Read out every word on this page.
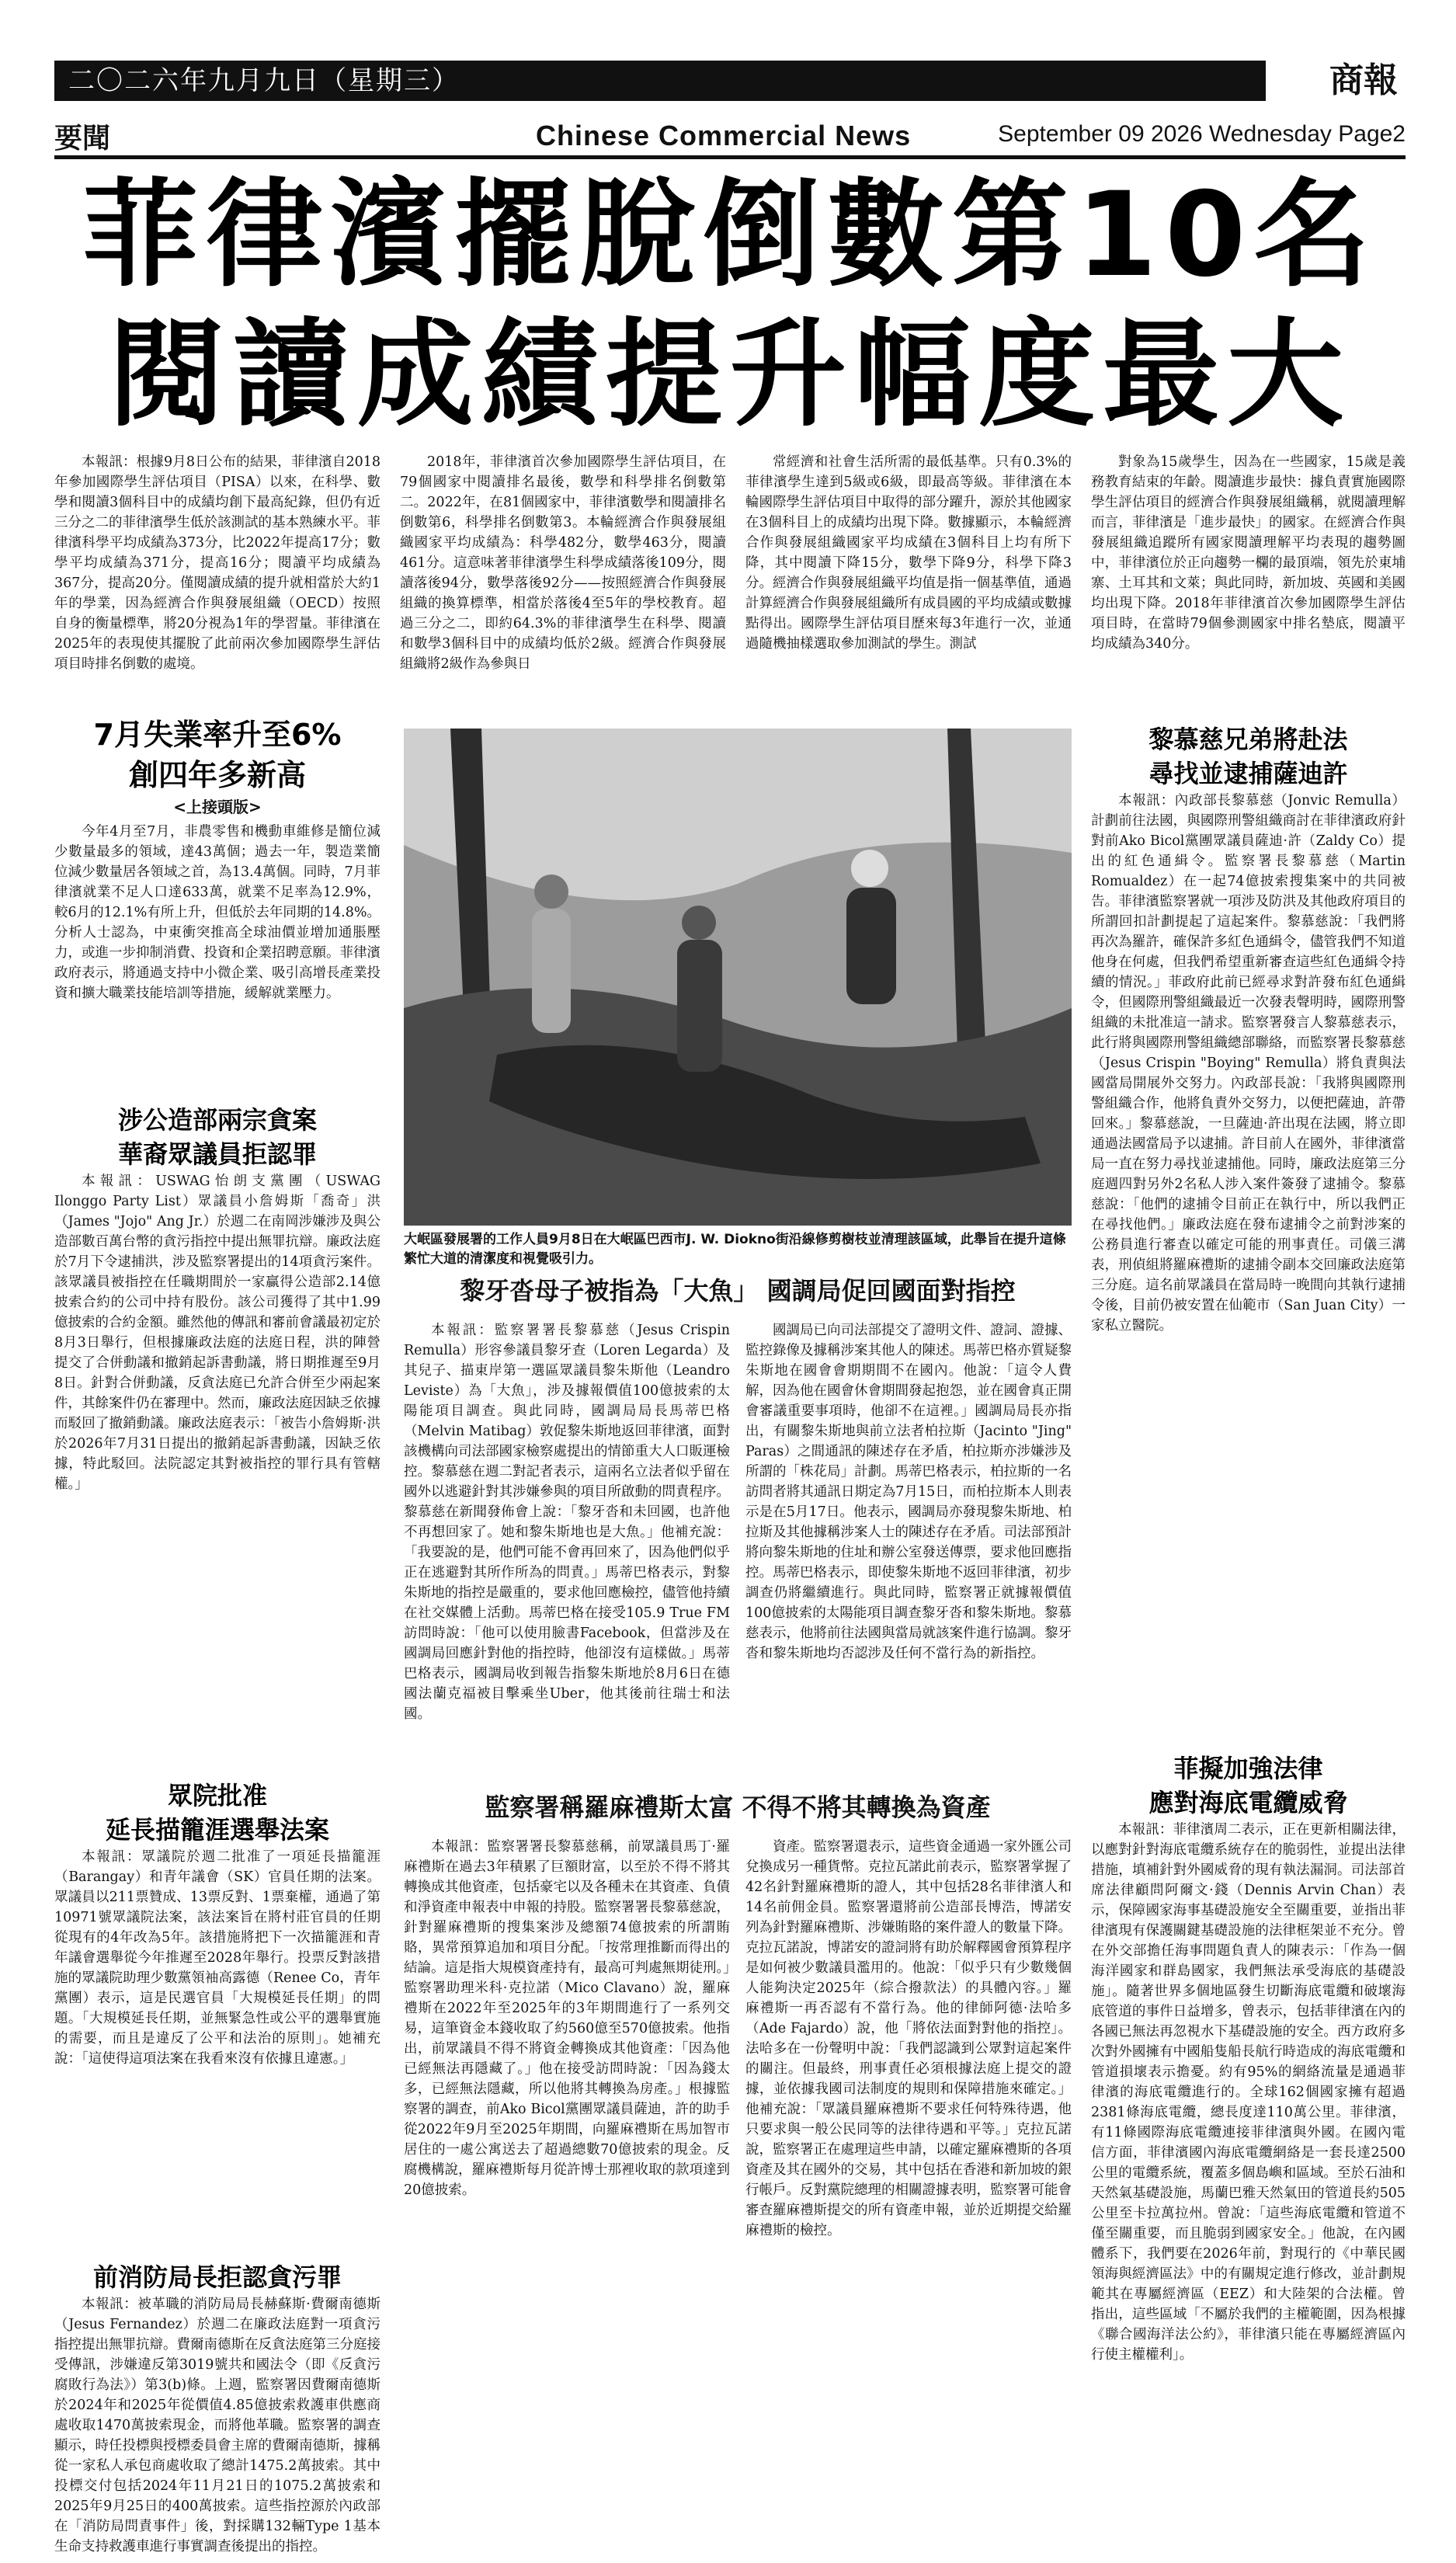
二〇二六年九月九日（星期三）	商報
要聞	Chinese Commercial News	September 09 2026 Wednesday Page2
菲律濱擺脫倒數第10名
閱讀成績提升幅度最大

本報訊：根據9月8日公布的結果，菲律濱自2018年參加國際學生評估項目（PISA）以來，在科學、數學和閱讀3個科目中的成績均創下最高紀錄，但仍有近三分之二的菲律濱學生低於該測試的基本熟練水平。菲律濱科學平均成績為373分，比2022年提高17分；數學平均成績為371分，提高16分；閱讀平均成績為367分，提高20分。僅閱讀成績的提升就相當於大約1年的學業，因為經濟合作與發展組織（OECD）按照自身的衡量標準，將20分視為1年的學習量。菲律濱在2025年的表現使其擺脫了此前兩次參加國際學生評估項目時排名倒數的處境。

2018年，菲律濱首次參加國際學生評估項目，在79個國家中閱讀排名最後，數學和科學排名倒數第二。2022年，在81個國家中，菲律濱數學和閱讀排名倒數第6，科學排名倒數第3。本輪經濟合作與發展組織國家平均成績為：科學482分，數學463分，閱讀461分。這意味著菲律濱學生科學成績落後109分，閱讀落後94分，數學落後92分——按照經濟合作與發展組織的換算標準，相當於落後4至5年的學校教育。超過三分之二，即約64.3%的菲律濱學生在科學、閱讀和數學3個科目中的成績均低於2級。經濟合作與發展組織將2級作為參與日

常經濟和社會生活所需的最低基準。只有0.3%的菲律濱學生達到5級或6級，即最高等級。菲律濱在本輪國際學生評估項目中取得的部分躍升，源於其他國家在3個科目上的成績均出現下降。數據顯示，本輪經濟合作與發展組織國家平均成績在3個科目上均有所下降，其中閱讀下降15分，數學下降9分，科學下降3分。經濟合作與發展組織平均值是指一個基準值，通過計算經濟合作與發展組織所有成員國的平均成績或數據點得出。國際學生評估項目歷來每3年進行一次，並通過隨機抽樣選取參加測試的學生。測試

對象為15歲學生，因為在一些國家，15歲是義務教育結束的年齡。閱讀進步最快：據負責實施國際學生評估項目的經濟合作與發展組織稱，就閱讀理解而言，菲律濱是「進步最快」的國家。在經濟合作與發展組織追蹤所有國家閱讀理解平均表現的趨勢圖中，菲律濱位於正向趨勢一欄的最頂端，領先於東埔寨、土耳其和文萊；與此同時，新加坡、英國和美國均出現下降。2018年菲律濱首次參加國際學生評估項目時，在當時79個參測國家中排名墊底，閱讀平均成績為340分。

7月失業率升至6%
創四年多新高
<上接頭版>

今年4月至7月，非農零售和機動車維修是簡位減少數量最多的領域，達43萬個；過去一年，製造業簡位減少數量居各領域之首，為13.4萬個。同時，7月菲律濱就業不足人口達633萬，就業不足率為12.9%，較6月的12.1%有所上升，但低於去年同期的14.8%。分析人士認為，中東衝突推高全球油價並增加通脹壓力，或進一步抑制消費、投資和企業招聘意願。菲律濱政府表示，將通過支持中小微企業、吸引高增長產業投資和擴大職業技能培訓等措施，緩解就業壓力。

涉公造部兩宗貪案
華裔眾議員拒認罪

本報訊：USWAG怡朗支黨團（USWAG Ilonggo Party List）眾議員小詹姆斯「喬奇」洪（James "Jojo" Ang Jr.）於週二在南岡涉嫌涉及與公造部數百萬台幣的貪污指控中提出無罪抗辯。廉政法庭於7月下令逮捕洪，涉及監察署提出的14項貪污案件。該眾議員被指控在任職期間於一家贏得公造部2.14億披索合約的公司中持有股份。該公司獲得了其中1.99億披索的合約金額。雖然他的傳訊和審前會議最初定於8月3日舉行，但根據廉政法庭的法庭日程，洪的陣營提交了合併動議和撤銷起訴書動議，將日期推遲至9月8日。針對合併動議，反貪法庭已允許合併至少兩起案件，其餘案件仍在審理中。然而，廉政法庭因缺乏依據而駁回了撤銷動議。廉政法庭表示：「被告小詹姆斯·洪於2026年7月31日提出的撤銷起訴書動議，因缺乏依據，特此駁回。法院認定其對被指控的罪行具有管轄權。」

眾院批准
延長描籠涯選舉法案

本報訊：眾議院於週二批准了一項延長描籠涯（Barangay）和青年議會（SK）官員任期的法案。眾議員以211票贊成、13票反對、1票棄權，通過了第10971號眾議院法案，該法案旨在將村莊官員的任期從現有的4年改為5年。該措施將把下一次描籠涯和青年議會選舉從今年推遲至2028年舉行。投票反對該措施的眾議院助理少數黨領袖高露德（Renee Co，青年黨團）表示，這是民選官員「大規模延長任期」的問題。「大規模延長任期，並無緊急性或公平的選舉實施的需要，而且是違反了公平和法治的原則」。她補充說：「這使得這項法案在我看來沒有依據且違憲。」

前消防局長拒認貪污罪

本報訊：被革職的消防局局長赫蘇斯·費爾南德斯（Jesus Fernandez）於週二在廉政法庭對一項貪污指控提出無罪抗辯。費爾南德斯在反貪法庭第三分庭接受傳訊，涉嫌違反第3019號共和國法令（即《反貪污腐敗行為法》）第3(b)條。上週，監察署因費爾南德斯於2024年和2025年從價值4.85億披索救護車供應商處收取1470萬披索現金，而將他革職。監察署的調查顯示，時任投標與授標委員會主席的費爾南德斯，據稱從一家私人承包商處收取了總計1475.2萬披索。其中投標交付包括2024年11月21日的1075.2萬披索和2025年9月25日的400萬披索。這些指控源於內政部在「消防局問責事件」後，對採購132輛Type 1基本生命支持救護車進行事實調查後提出的指控。

大岷區發展署的工作人員9月8日在大岷區巴西市J. W. Diokno街沿線修剪樹枝並清理該區域，此舉旨在提升這條繁忙大道的清潔度和視覺吸引力。
黎牙沓母子被指為「大魚」 國調局促回國面對指控

本報訊：監察署署長黎慕慈（Jesus Crispin Remulla）形容參議員黎牙查（Loren Legarda）及其兒子、描東岸第一選區眾議員黎朱斯他（Leandro Leviste）為「大魚」，涉及據報價值100億披索的太陽能項目調查。與此同時，國調局局長馬蒂巴格（Melvin Matibag）敦促黎朱斯地返回菲律濱，面對該機構向司法部國家檢察處提出的情節重大人口販運檢控。黎慕慈在週二對記者表示，這兩名立法者似乎留在國外以逃避針對其涉嫌參與的項目所啟動的問責程序。黎慕慈在新聞發佈會上說：「黎牙沓和未回國，也許他不再想回家了。她和黎朱斯地也是大魚。」他補充說：「我要說的是，他們可能不會再回來了，因為他們似乎正在逃避對其所作所為的問責。」馬蒂巴格表示，對黎朱斯地的指控是嚴重的，要求他回應檢控，儘管他持續在社交媒體上活動。馬蒂巴格在接受105.9 True FM訪問時說：「他可以使用臉書Facebook，但當涉及在國調局回應針對他的指控時，他卻沒有這樣做。」馬蒂巴格表示，國調局收到報告指黎朱斯地於8月6日在德國法蘭克福被目擊乘坐Uber，他其後前往瑞士和法國。

國調局已向司法部提交了證明文件、證詞、證據、監控錄像及據稱涉案其他人的陳述。馬蒂巴格亦質疑黎朱斯地在國會會期期間不在國內。他說：「這令人費解，因為他在國會休會期間發起抱怨，並在國會真正開會審議重要事項時，他卻不在這裡。」國調局局長亦指出，有關黎朱斯地與前立法者柏拉斯（Jacinto "Jing" Paras）之間通訊的陳述存在矛盾，柏拉斯亦涉嫌涉及所謂的「株花局」計劃。馬蒂巴格表示，柏拉斯的一名訪問者將其通訊日期定為7月15日，而柏拉斯本人則表示是在5月17日。他表示，國調局亦發現黎朱斯地、柏拉斯及其他據稱涉案人士的陳述存在矛盾。司法部預計將向黎朱斯地的住址和辦公室發送傳票，要求他回應指控。馬蒂巴格表示，即使黎朱斯地不返回菲律濱，初步調查仍將繼續進行。與此同時，監察署正就據報價值100億披索的太陽能項目調查黎牙沓和黎朱斯地。黎慕慈表示，他將前往法國與當局就該案件進行協調。黎牙沓和黎朱斯地均否認涉及任何不當行為的新指控。

監察署稱羅麻禮斯太富 不得不將其轉換為資產

本報訊：監察署署長黎慕慈稱，前眾議員馬丁·羅麻禮斯在過去3年積累了巨額財富，以至於不得不將其轉換成其他資產，包括豪宅以及各種未在其資產、負債和淨資產申報表中申報的持股。監察署署長黎慕慈說，針對羅麻禮斯的搜集案涉及總額74億披索的所謂賄賂，異常預算追加和項目分配。「按常理推斷而得出的結論。這是指大規模資產持有，最高可判處無期徒刑。」監察署助理米科·克拉諾（Mico Clavano）說，羅麻禮斯在2022年至2025年的3年期間進行了一系列交易，這筆資金本錢收取了約560億至570億披索。他指出，前眾議員不得不將資金轉換成其他資產：「因為他已經無法再隱藏了。」他在接受訪問時說：「因為錢太多，已經無法隱藏，所以他將其轉換為房產。」根據監察署的調查，前Ako Bicol黨團眾議員薩迪，許的助手從2022年9月至2025年期間，向羅麻禮斯在馬加智市居住的一處公寓送去了超過總數70億披索的現金。反腐機構說，羅麻禮斯每月從許博士那裡收取的款項達到20億披索。

資產。監察署還表示，這些資金通過一家外匯公司兌換成另一種貨幣。克拉瓦諾此前表示，監察署掌握了42名針對羅麻禮斯的證人，其中包括28名菲律濱人和14名前佣金員。監察署還將前公造部長博浩，博諾安列為針對羅麻禮斯、涉嫌賄賂的案件證人的數量下降。克拉瓦諾說，博諾安的證詞將有助於解釋國會預算程序是如何被少數議員濫用的。他說：「似乎只有少數幾個人能夠決定2025年（綜合撥款法）的具體內容。」羅麻禮斯一再否認有不當行為。他的律師阿德·法哈多（Ade Fajardo）說，他「將依法面對對他的指控」。法哈多在一份聲明中說：「我們認識到公眾對這起案件的關注。但最終，刑事責任必須根據法庭上提交的證據，並依據我國司法制度的規則和保障措施來確定。」他補充說：「眾議員羅麻禮斯不要求任何特殊待遇，他只要求與一般公民同等的法律待遇和平等。」克拉瓦諾說，監察署正在處理這些申請，以確定羅麻禮斯的各項資產及其在國外的交易，其中包括在香港和新加坡的銀行帳戶。反對黨院總理的相關證據表明，監察署可能會審查羅麻禮斯提交的所有資產申報，並於近期提交給羅麻禮斯的檢控。

黎慕慈兄弟將赴法
尋找並逮捕薩迪許

本報訊：內政部長黎慕慈（Jonvic Remulla）計劃前往法國，與國際刑警組織商討在菲律濱政府針對前Ako Bicol黨團眾議員薩迪·許（Zaldy Co）提出的紅色通緝令。監察署長黎慕慈（Martin Romualdez）在一起74億披索搜集案中的共同被告。菲律濱監察署就一項涉及防洪及其他政府項目的所謂回扣計劃提起了這起案件。黎慕慈說：「我們將再次為羅許，確保許多紅色通緝令，儘管我們不知道他身在何處，但我們希望重新審查這些紅色通緝令持續的情況。」菲政府此前已經尋求對許發布紅色通緝令，但國際刑警組織最近一次發表聲明時，國際刑警組織的未批准這一請求。監察署發言人黎慕慈表示，此行將與國際刑警組織總部聯絡，而監察署長黎慕慈（Jesus Crispin "Boying" Remulla）將負責與法國當局開展外交努力。內政部長說：「我將與國際刑警組織合作，他將負責外交努力，以便把薩迪，許帶回來。」黎慕慈說，一旦薩迪·許出現在法國，將立即通過法國當局予以逮捕。許目前人在國外，菲律濱當局一直在努力尋找並逮捕他。同時，廉政法庭第三分庭週四對另外2名私人涉入案件簽發了逮捕令。黎慕慈說：「他們的逮捕令目前正在執行中，所以我們正在尋找他們。」廉政法庭在發布逮捕令之前對涉案的公務員進行審查以確定可能的刑事責任。司儀三溝表，刑偵組將羅麻禮斯的逮捕令副本交回廉政法庭第三分庭。這名前眾議員在當局時一晚間向其執行逮捕令後，目前仍被安置在仙範市（San Juan City）一家私立醫院。

菲擬加強法律
應對海底電纜威脅

本報訊：菲律濱周二表示，正在更新相關法律，以應對針對海底電纜系統存在的脆弱性，並提出法律措施，填補針對外國威脅的現有執法漏洞。司法部首席法律顧問阿爾文·錢（Dennis Arvin Chan）表示，保障國家海事基礎設施安全至關重要，並指出菲律濱現有保護關鍵基礎設施的法律框架並不充分。曾在外交部擔任海事問題負責人的陳表示：「作為一個海洋國家和群島國家，我們無法承受海底的基礎設施」。隨著世界多個地區發生切斷海底電纜和破壞海底管道的事件日益增多，曾表示，包括菲律濱在內的各國已無法再忽視水下基礎設施的安全。西方政府多次對外國擁有中國船隻船長航行時造成的海底電纜和管道損壞表示擔憂。約有95%的網絡流量是通過菲律濱的海底電纜進行的。全球162個國家擁有超過2381條海底電纜，總長度達110萬公里。菲律濱，有11條國際海底電纜連接菲律濱與外國。在國內電信方面，菲律濱國內海底電纜網絡是一套長達2500公里的電纜系統，覆蓋多個島嶼和區域。至於石油和天然氣基礎設施，馬蘭巴雅天然氣田的管道長約505公里至卡拉萬拉州。曾說：「這些海底電纜和管道不僅至關重要，而且脆弱到國家安全。」他說，在內國體系下，我們要在2026年前，對現行的《中華民國領海與經濟區法》中的有關規定進行修改，並計劃規範其在專屬經濟區（EEZ）和大陸架的合法權。曾指出，這些區域「不屬於我們的主權範圍，因為根據《聯合國海洋法公約》，菲律濱只能在專屬經濟區內行使主權權利」。
